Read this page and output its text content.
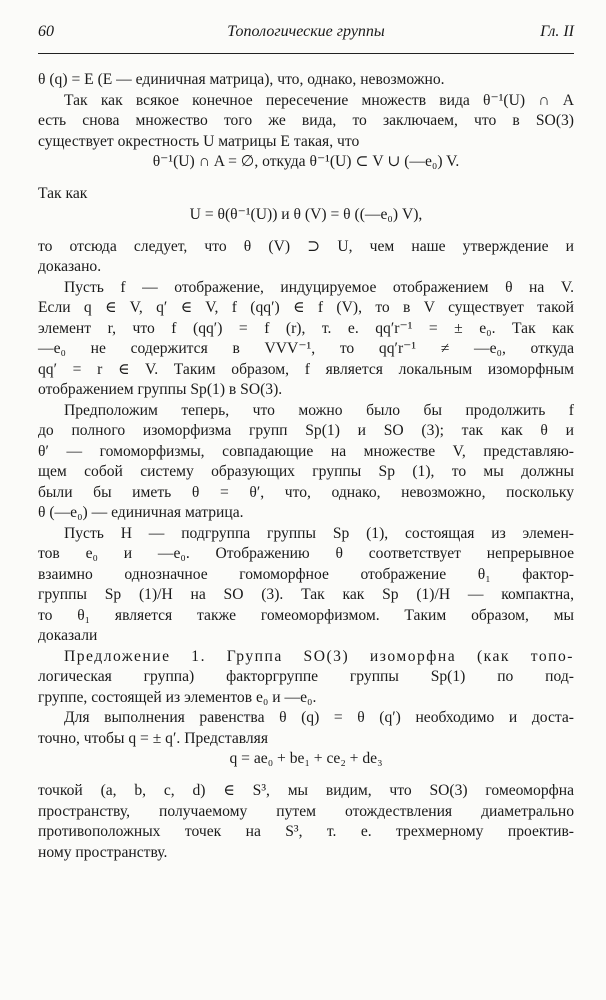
60	Топологические группы	Гл. II
θ (q) = E (E — единичная матрица), что, однако, невозможно.
Так как всякое конечное пересечение множеств вида θ⁻¹(U) ∩ A
есть снова множество того же вида, то заключаем, что в SO(3)
существует окрестность U матрицы E такая, что
θ⁻¹(U) ∩ A = ∅, откуда θ⁻¹(U) ⊂ V ∪ (—e₀) V.
Так как
U = θ(θ⁻¹(U)) и θ (V) = θ ((—e₀) V),
то отсюда следует, что θ (V) ⊃ U, чем наше утверждение и
доказано.
Пусть f — отображение, индуцируемое отображением θ на V.
Если q ∈ V, q′ ∈ V, f (qq′) ∈ f (V), то в V существует такой
элемент r, что f (qq′) = f (r), т. е. qq′r⁻¹ = ± e₀. Так как
—e₀ не содержится в VVV⁻¹, то qq′r⁻¹ ≠ —e₀, откуда
qq′ = r ∈ V. Таким образом, f является локальным изоморфным
отображением группы Sp(1) в SO(3).
Предположим теперь, что можно было бы продолжить f
до полного изоморфизма групп Sp(1) и SO (3); так как θ и
θ′ — гомоморфизмы, совпадающие на множестве V, представляю-
щем собой систему образующих группы Sp (1), то мы должны
были бы иметь θ = θ′, что, однако, невозможно, поскольку
θ (—e₀) — единичная матрица.
Пусть H — подгруппа группы Sp (1), состоящая из элемен-
тов e₀ и —e₀. Отображению θ соответствует непрерывное
взаимно однозначное гомоморфное отображение θ₁ фактор-
группы Sp (1)/H на SO (3). Так как Sp (1)/H — компактна,
то θ₁ является также гомеоморфизмом. Таким образом, мы
доказали
Предложение 1. Группа SO(3) изоморфна (как топо-
логическая группа) факторгруппе группы Sp(1) по под-
группе, состоящей из элементов e₀ и —e₀.
Для выполнения равенства θ (q) = θ (q′) необходимо и доста-
точно, чтобы q = ± q′. Представляя
q = ae₀ + be₁ + ce₂ + de₃
точкой (a, b, c, d) ∈ S³, мы видим, что SO(3) гомеоморфна
пространству, получаемому путем отождествления диаметрально
противоположных точек на S³, т. е. трехмерному проектив-
ному пространству.
